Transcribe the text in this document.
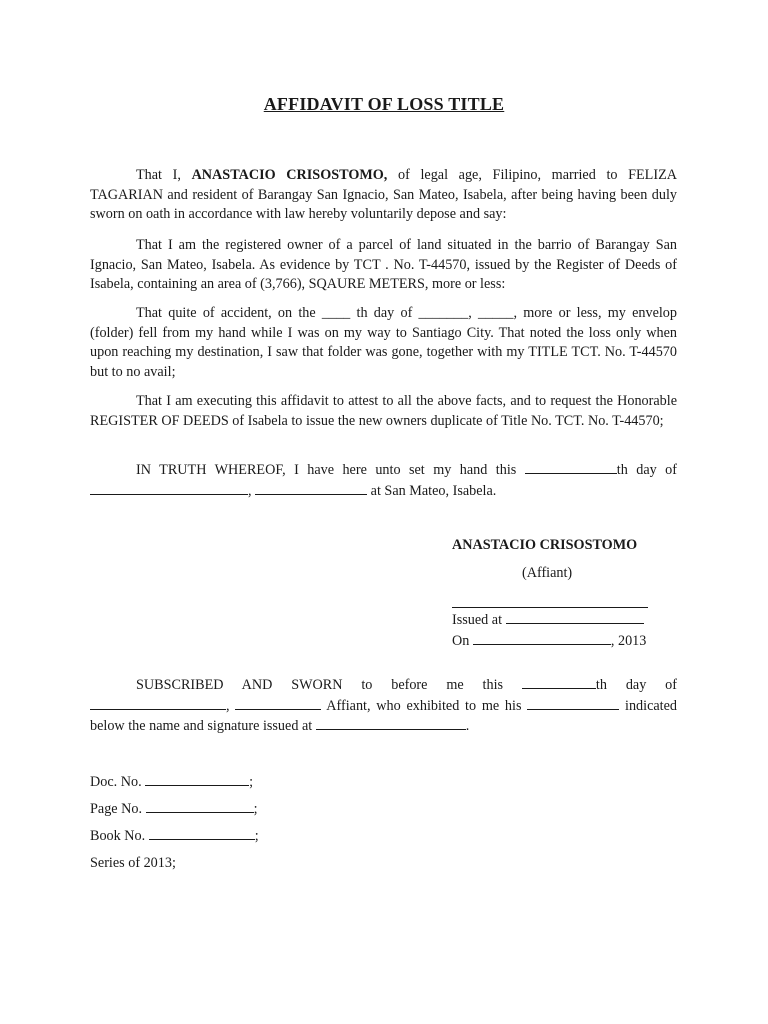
AFFIDAVIT OF LOSS TITLE
That I, ANASTACIO CRISOSTOMO, of legal age, Filipino, married to FELIZA TAGARIAN and resident of Barangay San Ignacio, San Mateo, Isabela, after being having been duly sworn on oath in accordance with law hereby voluntarily depose and say:
That I am the registered owner of a parcel of land situated in the barrio of Barangay San Ignacio, San Mateo, Isabela. As evidence by TCT . No. T-44570, issued by the Register of Deeds of Isabela, containing an area of (3,766), SQAURE METERS, more or less:
That quite of accident, on the ____ th day of _______, _____, more or less, my envelop (folder) fell from my hand while I was on my way to Santiago City. That noted the loss only when upon reaching my destination, I saw that folder was gone, together with my TITLE TCT. No. T-44570 but to no avail;
That I am executing this affidavit to attest to all the above facts, and to request the Honorable REGISTER OF DEEDS of Isabela to issue the new owners duplicate of Title No. TCT. No. T-44570;
IN TRUTH WHEREOF, I have here unto set my hand this	th day of ,	at San Mateo, Isabela.
ANASTACIO CRISOSTOMO
(Affiant)
Issued at
On	, 2013
SUBSCRIBED AND SWORN to before me this	th day of ,	Affiant, who exhibited to me his	indicated below the name and signature issued at	.
Doc. No.	;
Page No.	;
Book No.	;
Series of 2013;
